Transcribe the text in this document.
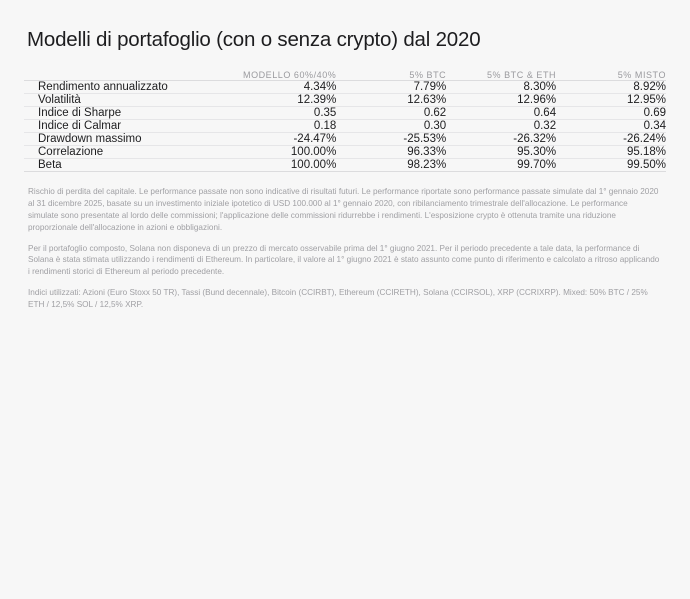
Modelli di portafoglio (con o senza crypto) dal 2020
	MODELLO 60%/40%	5% BTC	5% BTC & ETH	5% MISTO
Rendimento annualizzato	4.34%	7.79%	8.30%	8.92%
Volatilità	12.39%	12.63%	12.96%	12.95%
Indice di Sharpe	0.35	0.62	0.64	0.69
Indice di Calmar	0.18	0.30	0.32	0.34
Drawdown massimo	-24.47%	-25.53%	-26.32%	-26.24%
Correlazione	100.00%	96.33%	95.30%	95.18%
Beta	100.00%	98.23%	99.70%	99.50%

Rischio di perdita del capitale. Le performance passate non sono indicative di risultati futuri. Le performance riportate sono performance passate simulate dal 1° gennaio 2020 al 31 dicembre 2025, basate su un investimento iniziale ipotetico di USD 100.000 al 1° gennaio 2020, con ribilanciamento trimestrale dell'allocazione. Le performance simulate sono presentate al lordo delle commissioni; l'applicazione delle commissioni ridurrebbe i rendimenti. L'esposizione crypto è ottenuta tramite una riduzione proporzionale dell'allocazione in azioni e obbligazioni.

Per il portafoglio composto, Solana non disponeva di un prezzo di mercato osservabile prima del 1° giugno 2021. Per il periodo precedente a tale data, la performance di Solana è stata stimata utilizzando i rendimenti di Ethereum. In particolare, il valore al 1° giugno 2021 è stato assunto come punto di riferimento e calcolato a ritroso applicando i rendimenti storici di Ethereum al periodo precedente.

Indici utilizzati: Azioni (Euro Stoxx 50 TR), Tassi (Bund decennale), Bitcoin (CCIRBT), Ethereum (CCIRETH), Solana (CCIRSOL), XRP (CCRIXRP). Mixed: 50% BTC / 25% ETH / 12,5% SOL / 12,5% XRP.
